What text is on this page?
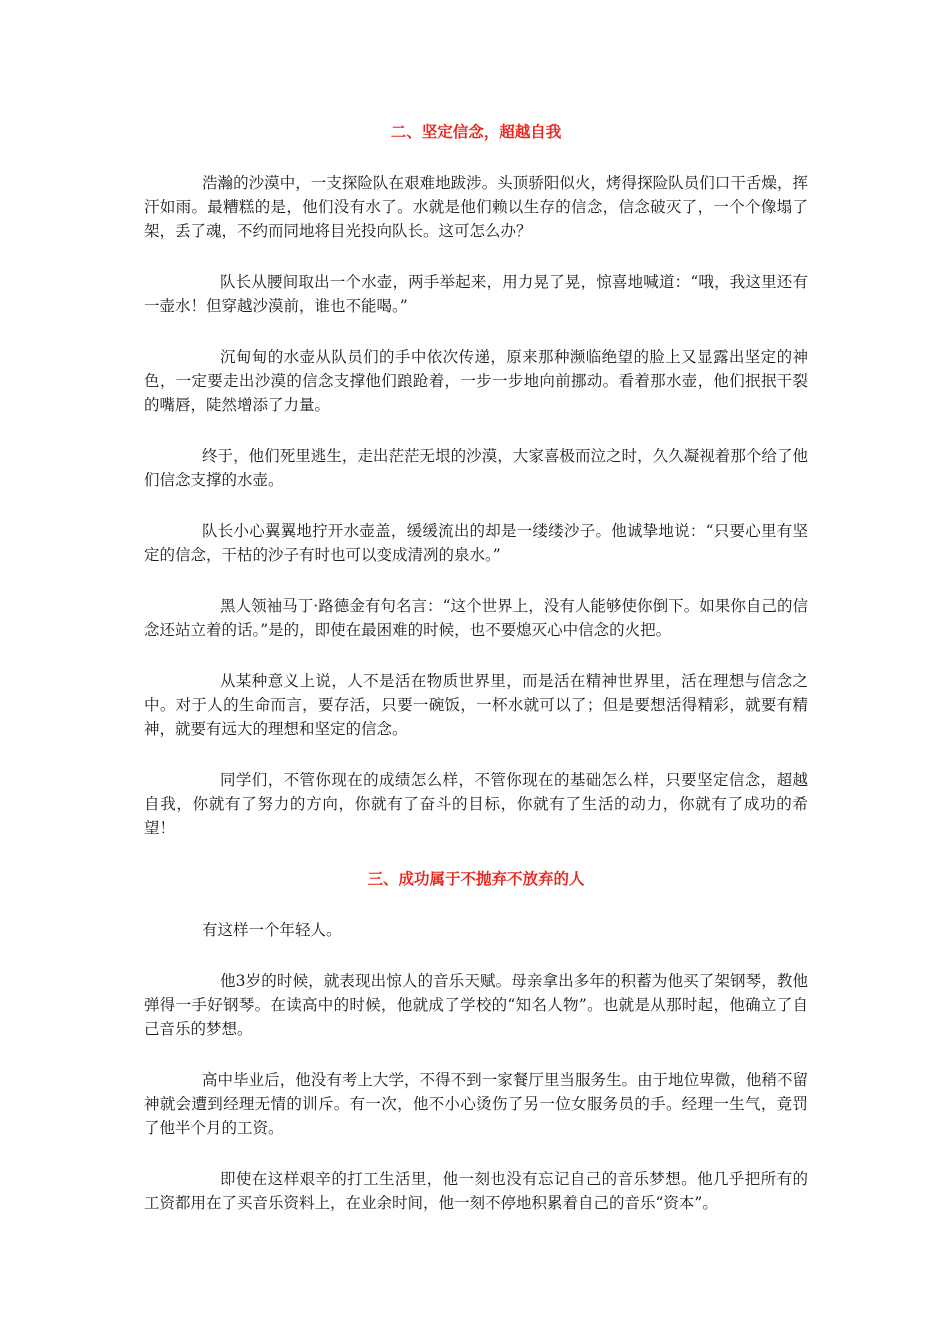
二、坚定信念，超越自我

浩瀚的沙漠中，一支探险队在艰难地跋涉。头顶骄阳似火，烤得探险队员们口干舌燥，挥汗如雨。最糟糕的是，他们没有水了。水就是他们赖以生存的信念，信念破灭了，一个个像塌了架，丢了魂，不约而同地将目光投向队长。这可怎么办？

队长从腰间取出一个水壶，两手举起来，用力晃了晃，惊喜地喊道：“哦，我这里还有一壶水！但穿越沙漠前，谁也不能喝。”

沉甸甸的水壶从队员们的手中依次传递，原来那种濒临绝望的脸上又显露出坚定的神色，一定要走出沙漠的信念支撑他们踉跄着，一步一步地向前挪动。看着那水壶，他们抿抿干裂的嘴唇，陡然增添了力量。

终于，他们死里逃生，走出茫茫无垠的沙漠，大家喜极而泣之时，久久凝视着那个给了他们信念支撑的水壶。

队长小心翼翼地拧开水壶盖，缓缓流出的却是一缕缕沙子。他诚挚地说：“只要心里有坚定的信念，干枯的沙子有时也可以变成清冽的泉水。”

黑人领袖马丁·路德金有句名言：“这个世界上，没有人能够使你倒下。如果你自己的信念还站立着的话。”是的，即使在最困难的时候，也不要熄灭心中信念的火把。

从某种意义上说，人不是活在物质世界里，而是活在精神世界里，活在理想与信念之中。对于人的生命而言，要存活，只要一碗饭，一杯水就可以了；但是要想活得精彩，就要有精神，就要有远大的理想和坚定的信念。

同学们，不管你现在的成绩怎么样，不管你现在的基础怎么样，只要坚定信念，超越自我，你就有了努力的方向，你就有了奋斗的目标，你就有了生活的动力，你就有了成功的希望！

三、成功属于不抛弃不放弃的人

有这样一个年轻人。

他3岁的时候，就表现出惊人的音乐天赋。母亲拿出多年的积蓄为他买了架钢琴，教他弹得一手好钢琴。在读高中的时候，他就成了学校的“知名人物”。也就是从那时起，他确立了自己音乐的梦想。

高中毕业后，他没有考上大学，不得不到一家餐厅里当服务生。由于地位卑微，他稍不留神就会遭到经理无情的训斥。有一次，他不小心烫伤了另一位女服务员的手。经理一生气，竟罚了他半个月的工资。

即使在这样艰辛的打工生活里，他一刻也没有忘记自己的音乐梦想。他几乎把所有的工资都用在了买音乐资料上，在业余时间，他一刻不停地积累着自己的音乐“资本”。
